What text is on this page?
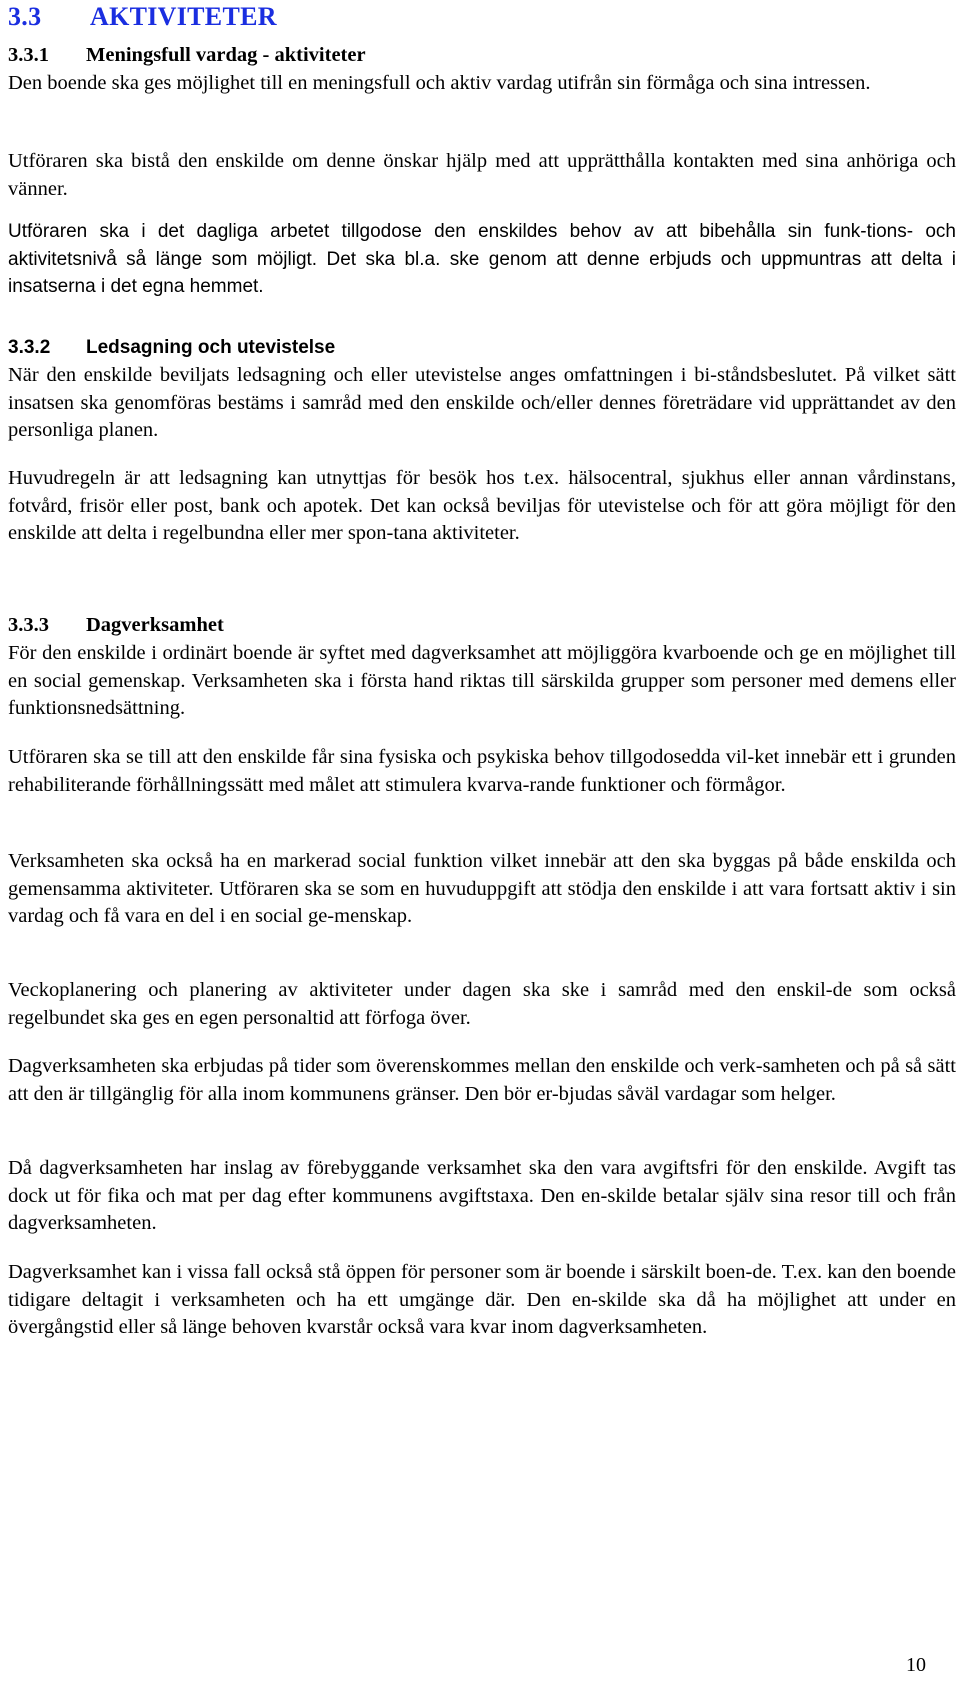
3.3 AKTIVITETER
3.3.1 Meningsfull vardag - aktiviteter

Den boende ska ges möjlighet till en meningsfull och aktiv vardag utifrån sin förmåga och sina intressen.

Utföraren ska bistå den enskilde om denne önskar hjälp med att upprätthålla kontakten med sina anhöriga och vänner.

Utföraren ska i det dagliga arbetet tillgodose den enskildes behov av att bibehålla sin funk-tions- och aktivitetsnivå så länge som möjligt. Det ska bl.a. ske genom att denne erbjuds och uppmuntras att delta i insatserna i det egna hemmet.

3.3.2 Ledsagning och utevistelse

När den enskilde beviljats ledsagning och eller utevistelse anges omfattningen i bi-ståndsbeslutet. På vilket sätt insatsen ska genomföras bestäms i samråd med den enskilde och/eller dennes företrädare vid upprättandet av den personliga planen.

Huvudregeln är att ledsagning kan utnyttjas för besök hos t.ex. hälsocentral, sjukhus eller annan vårdinstans, fotvård, frisör eller post, bank och apotek. Det kan också beviljas för utevistelse och för att göra möjligt för den enskilde att delta i regelbundna eller mer spon-tana aktiviteter.

3.3.3 Dagverksamhet

För den enskilde i ordinärt boende är syftet med dagverksamhet att möjliggöra kvarboende och ge en möjlighet till en social gemenskap. Verksamheten ska i första hand riktas till särskilda grupper som personer med demens eller funktionsnedsättning.

Utföraren ska se till att den enskilde får sina fysiska och psykiska behov tillgodosedda vil-ket innebär ett i grunden rehabiliterande förhållningssätt med målet att stimulera kvarva-rande funktioner och förmågor.

Verksamheten ska också ha en markerad social funktion vilket innebär att den ska byggas på både enskilda och gemensamma aktiviteter. Utföraren ska se som en huvuduppgift att stödja den enskilde i att vara fortsatt aktiv i sin vardag och få vara en del i en social ge-menskap.

Veckoplanering och planering av aktiviteter under dagen ska ske i samråd med den enskil-de som också regelbundet ska ges en egen personaltid att förfoga över.

Dagverksamheten ska erbjudas på tider som överenskommes mellan den enskilde och verk-samheten och på så sätt att den är tillgänglig för alla inom kommunens gränser. Den bör er-bjudas såväl vardagar som helger.

Då dagverksamheten har inslag av förebyggande verksamhet ska den vara avgiftsfri för den enskilde. Avgift tas dock ut för fika och mat per dag efter kommunens avgiftstaxa. Den en-skilde betalar själv sina resor till och från dagverksamheten.

Dagverksamhet kan i vissa fall också stå öppen för personer som är boende i särskilt boen-de. T.ex. kan den boende tidigare deltagit i verksamheten och ha ett umgänge där. Den en-skilde ska då ha möjlighet att under en övergångstid eller så länge behoven kvarstår också vara kvar inom dagverksamheten.

10
